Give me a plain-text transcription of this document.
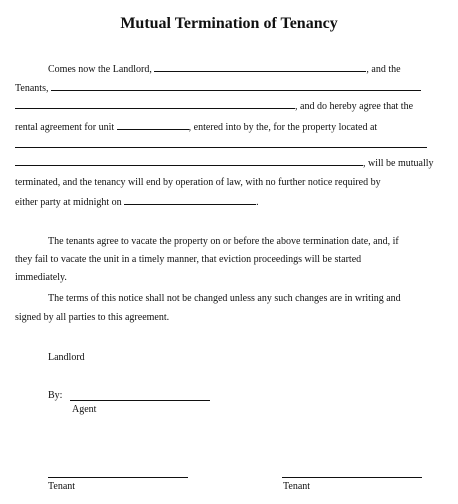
Mutual Termination of Tenancy
Comes now the Landlord,	, and the
Tenants,
, and do hereby agree that the
rental agreement for unit	, entered into by the, for the property located at
, will be mutually
terminated, and the tenancy will end by operation of law, with no further notice required by
either party at midnight on	.
The tenants agree to vacate the property on or before the above termination date, and, if
they fail to vacate the unit in a timely manner, that eviction proceedings will be started
immediately.
The terms of this notice shall not be changed unless any such changes are in writing and
signed by all parties to this agreement.
Landlord
By:
Agent
Tenant	Tenant
